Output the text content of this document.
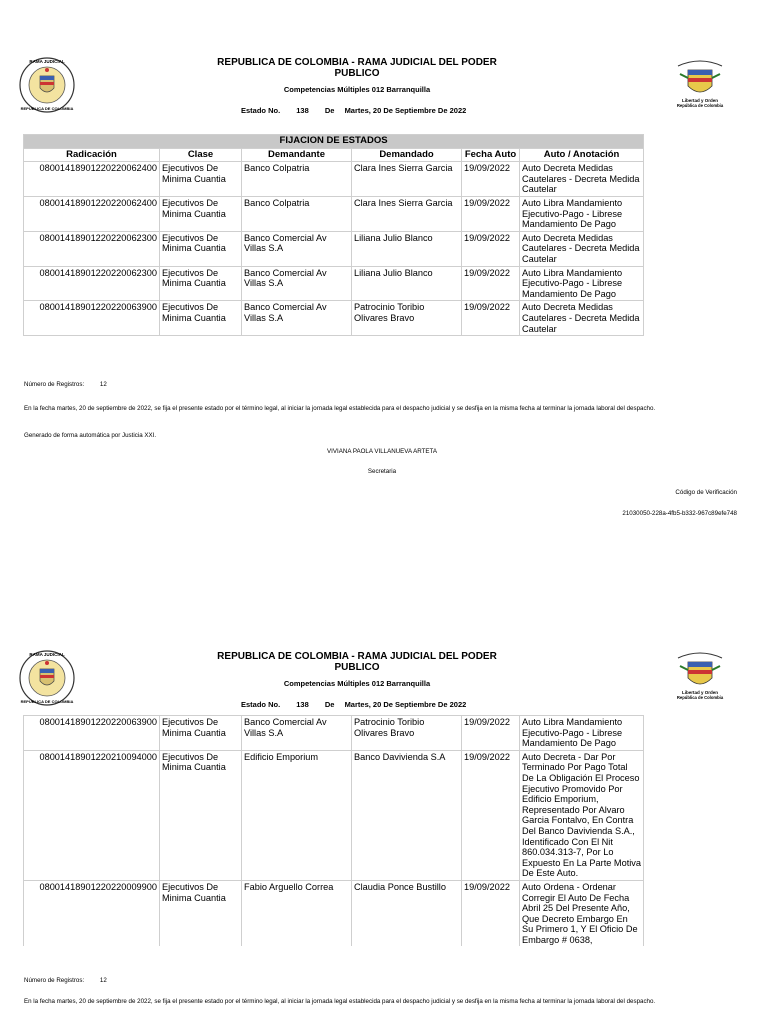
RAMA JUDICIAL
REPUBLICA DE COLOMBIA
Libertad y Orden
República de Colombia
REPUBLICA DE COLOMBIA - RAMA JUDICIAL DEL PODER PUBLICO
Competencias Múltiples 012 Barranquilla
Estado No. 138 De Martes, 20 De Septiembre De 2022
FIJACION DE ESTADOS					
Radicación	Clase	Demandante	Demandado	Fecha Auto	Auto / Anotación
08001418901220220062400	Ejecutivos De Minima Cuantia	Banco Colpatria	Clara Ines Sierra Garcia	19/09/2022	Auto Decreta Medidas Cautelares - Decreta Medida Cautelar
08001418901220220062400	Ejecutivos De Minima Cuantia	Banco Colpatria	Clara Ines Sierra Garcia	19/09/2022	Auto Libra Mandamiento Ejecutivo-Pago - Librese Mandamiento De Pago
08001418901220220062300	Ejecutivos De Minima Cuantia	Banco Comercial Av Villas S.A	Liliana Julio Blanco	19/09/2022	Auto Decreta Medidas Cautelares - Decreta Medida Cautelar
08001418901220220062300	Ejecutivos De Minima Cuantia	Banco Comercial Av Villas S.A	Liliana Julio Blanco	19/09/2022	Auto Libra Mandamiento Ejecutivo-Pago - Librese Mandamiento De Pago
08001418901220220063900	Ejecutivos De Minima Cuantia	Banco Comercial Av Villas S.A	Patrocinio Toribio Olivares Bravo	19/09/2022	Auto Decreta Medidas Cautelares - Decreta Medida Cautelar
Número de Registros:	12
En la fecha martes, 20 de septiembre de 2022, se fija el presente estado por el término legal, al iniciar la jornada legal establecida para el despacho judicial y se desfija en la misma fecha al terminar la jornada laboral del despacho.
Generado de forma automática por Justicia XXI.
VIVIANA PAOLA VILLANUEVA ARTETA
Secretaria
Código de Verificación
21030050-228a-4fb5-b332-967c89efe748
RAMA JUDICIAL
REPUBLICA DE COLOMBIA
Libertad y Orden
República de Colombia
REPUBLICA DE COLOMBIA - RAMA JUDICIAL DEL PODER PUBLICO
Competencias Múltiples 012 Barranquilla
Estado No. 138 De Martes, 20 De Septiembre De 2022
08001418901220220063900	Ejecutivos De Minima Cuantia	Banco Comercial Av Villas S.A	Patrocinio Toribio Olivares Bravo	19/09/2022	Auto Libra Mandamiento Ejecutivo-Pago - Librese Mandamiento De Pago
08001418901220210094000	Ejecutivos De Minima Cuantia	Edificio Emporium	Banco Davivienda S.A	19/09/2022	Auto Decreta - Dar Por Terminado Por Pago Total De La Obligación El Proceso Ejecutivo Promovido Por Edificio Emporium, Representado Por Alvaro Garcia Fontalvo, En Contra Del Banco Davivienda S.A., Identificado Con El Nit 860.034.313-7, Por Lo Expuesto En La Parte Motiva De Este Auto.
08001418901220220009900	Ejecutivos De Minima Cuantia	Fabio Arguello Correa	Claudia Ponce Bustillo	19/09/2022	Auto Ordena - Ordenar Corregir El Auto De Fecha Abril 25 Del Presente Año, Que Decreto Embargo En Su Primero 1, Y El Oficio De Embargo # 0638,
Número de Registros:	12
En la fecha martes, 20 de septiembre de 2022, se fija el presente estado por el término legal, al iniciar la jornada legal establecida para el despacho judicial y se desfija en la misma fecha al terminar la jornada laboral del despacho.
